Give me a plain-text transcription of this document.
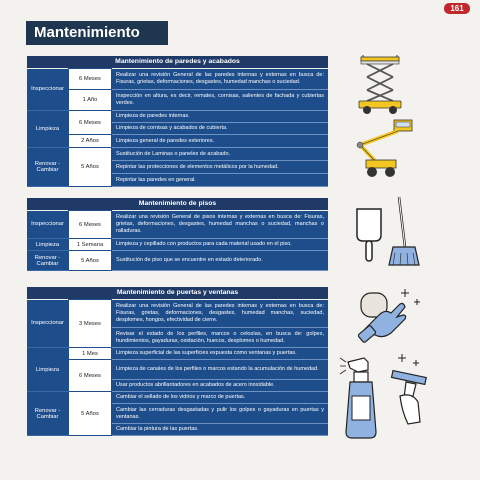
161
Mantenimiento
Mantenimiento de paredes y acabados
Inspeccionar	6 Meses	Realizar una revisión General de las paredes internas y externas en busca de: Fisuras, grietas, deformaciones, desgastes, humedad manchas o suciedad.
	1 Año	Inspección en altura, es decir, remates, cornisas, salientes de fachada y cubiertas verdes.
Limpieza	6 Meses	Limpieza de paredes internas.
		Limpieza de cornisas y acabados de cubierta.
	2 Años	Limpieza general de paredes exteriores.
Renovar - Cambiar	5 Años	Sustitución de Laminas o paneles de acabado.
		Repintar las protecciones de elementos metálicos por la humedad.
		Repintar las paredes en general.
Mantenimiento de pisos
Inspeccionar	6 Meses	Realizar una revisión General de pisos internas y externas en busca de: Fisuras, grietas, deformaciones, desgastes, humedad manchas o suciedad, manchas o ralladuras.
Limpieza	1 Semana	Limpieza y cepillado con productos para cada material usado en el piso.
Renovar - Cambiar	5 Años	Sustitución de piso que se encuentre en estado deteriorado.
Mantenimiento de puertas y ventanas
Inspeccionar	3 Meses	Realizar una revisión General de las paredes internas y externas en busca de: Fisuras, grietas, deformaciones, desgastes, humedad manchas, suciedad, desplomes, hongos, efectividad de cierre.
		Revisar el estado de los perfiles, marcos o celosías, en busca de: golpes, hundimientos, gayaduras, oxidación, huecos, desplomes o humedad.
Limpieza	1 Mes	Limpieza superficial de las superficies expuesta como ventanas y puertas.
	6 Meses	Limpieza de canales de los perfiles o marcos estando la acumulación de humedad.
		Usar productos abrillantadores en acabados de acero inoxidable.
Renovar - Cambiar	5 Años	Cambiar el sellado de los vidrios y marco de puertas.
		Cambiar las cerraduras desgastadas y pulir los golpes o gayaduras en puertas y ventanas.
		Cambiar la pintura de las puertas.
